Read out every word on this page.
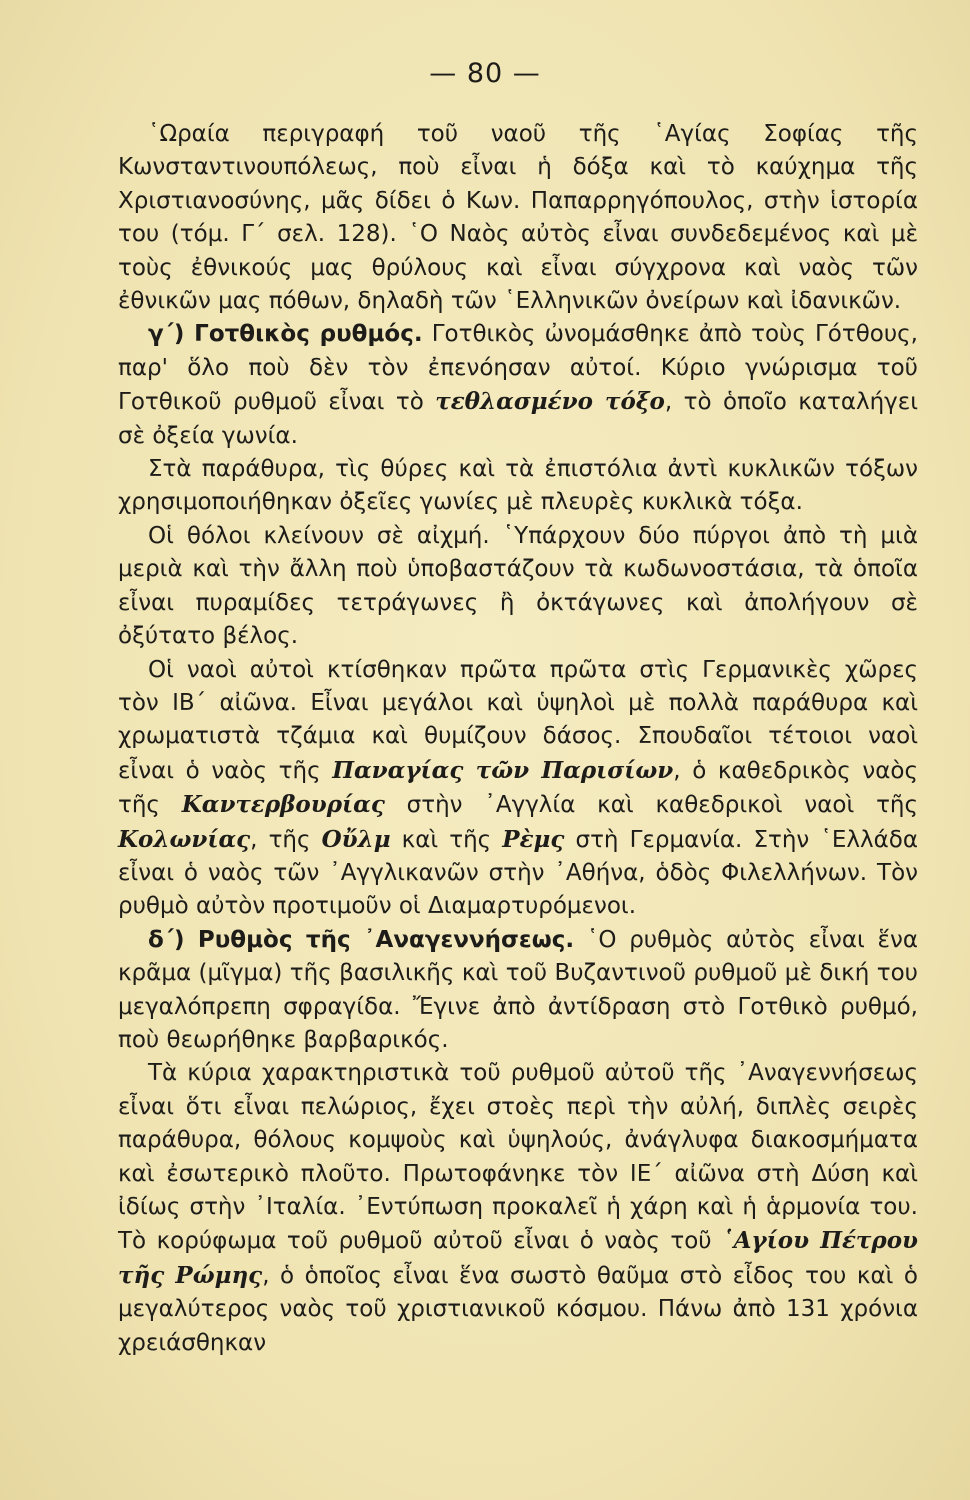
— 80 —

῾Ωραία περιγραφή τοῦ ναοῦ τῆς ῾Αγίας Σοφίας τῆς Κωνσταντινουπόλεως, ποὺ εἶναι ἡ δόξα καὶ τὸ καύχημα τῆς Χριστιανοσύνης, μᾶς δίδει ὁ Κων. Παπαρρηγόπουλος, στὴν ἱστορία του (τόμ. Γ΄ σελ. 128). ῾Ο Ναὸς αὐτὸς εἶναι συνδεδεμένος καὶ μὲ τοὺς ἐθνικούς μας θρύλους καὶ εἶναι σύγχρονα καὶ ναὸς τῶν ἐθνικῶν μας πόθων, δηλαδὴ τῶν ῾Ελληνικῶν ὀνείρων καὶ ἰδανικῶν.

γ΄) Γοτθικὸς ρυθμός. Γοτθικὸς ὠνομάσθηκε ἀπὸ τοὺς Γότθους, παρ' ὅλο ποὺ δὲν τὸν ἐπενόησαν αὐτοί. Κύριο γνώρισμα τοῦ Γοτθικοῦ ρυθμοῦ εἶναι τὸ τεθλασμένο τόξο, τὸ ὁποῖο καταλήγει σὲ ὀξεία γωνία.

Στὰ παράθυρα, τὶς θύρες καὶ τὰ ἐπιστόλια ἀντὶ κυκλικῶν τόξων χρησιμοποιήθηκαν ὀξεῖες γωνίες μὲ πλευρὲς κυκλικὰ τόξα.

Οἱ θόλοι κλείνουν σὲ αἰχμή. ῾Υπάρχουν δύο πύργοι ἀπὸ τὴ μιὰ μεριὰ καὶ τὴν ἄλλη ποὺ ὑποβαστάζουν τὰ κωδωνοστάσια, τὰ ὁποῖα εἶναι πυραμίδες τετράγωνες ἢ ὀκτάγωνες καὶ ἀπολήγουν σὲ ὀξύτατο βέλος.

Οἱ ναοὶ αὐτοὶ κτίσθηκαν πρῶτα πρῶτα στὶς Γερμανικὲς χῶρες τὸν ΙΒ΄ αἰῶνα. Εἶναι μεγάλοι καὶ ὑψηλοὶ μὲ πολλὰ παράθυρα καὶ χρωματιστὰ τζάμια καὶ θυμίζουν δάσος. Σπουδαῖοι τέτοιοι ναοὶ εἶναι ὁ ναὸς τῆς Παναγίας τῶν Παρισίων, ὁ καθεδρικὸς ναὸς τῆς Καντερβουρίας στὴν ᾿Αγγλία καὶ καθεδρικοὶ ναοὶ τῆς Κολωνίας, τῆς Οὔλμ καὶ τῆς Ρὲμς στὴ Γερμανία. Στὴν ῾Ελλάδα εἶναι ὁ ναὸς τῶν ᾿Αγγλικανῶν στὴν ᾿Αθήνα, ὁδὸς Φιλελλήνων. Τὸν ρυθμὸ αὐτὸν προτιμοῦν οἱ Διαμαρτυρόμενοι.

δ΄) Ρυθμὸς τῆς ᾿Αναγεννήσεως. ῾Ο ρυθμὸς αὐτὸς εἶναι ἕνα κρᾶμα (μῖγμα) τῆς βασιλικῆς καὶ τοῦ Βυζαντινοῦ ρυθμοῦ μὲ δική του μεγαλόπρεπη σφραγίδα. Ἔγινε ἀπὸ ἀντίδραση στὸ Γοτθικὸ ρυθμό, ποὺ θεωρήθηκε βαρβαρικός.

Τὰ κύρια χαρακτηριστικὰ τοῦ ρυθμοῦ αὐτοῦ τῆς ᾿Αναγεννήσεως εἶναι ὅτι εἶναι πελώριος, ἔχει στοὲς περὶ τὴν αὐλή, διπλὲς σειρὲς παράθυρα, θόλους κομψοὺς καὶ ὑψηλούς, ἀνάγλυφα διακοσμήματα καὶ ἐσωτερικὸ πλοῦτο. Πρωτοφάνηκε τὸν ΙΕ΄ αἰῶνα στὴ Δύση καὶ ἰδίως στὴν ᾿Ιταλία. ᾿Εντύπωση προκαλεῖ ἡ χάρη καὶ ἡ ἁρμονία του. Τὸ κορύφωμα τοῦ ρυθμοῦ αὐτοῦ εἶναι ὁ ναὸς τοῦ ῾Αγίου Πέτρου τῆς Ρώμης, ὁ ὁποῖος εἶναι ἕνα σωστὸ θαῦμα στὸ εἶδος του καὶ ὁ μεγαλύτερος ναὸς τοῦ χριστιανικοῦ κόσμου. Πάνω ἀπὸ 131 χρόνια χρειάσθηκαν
